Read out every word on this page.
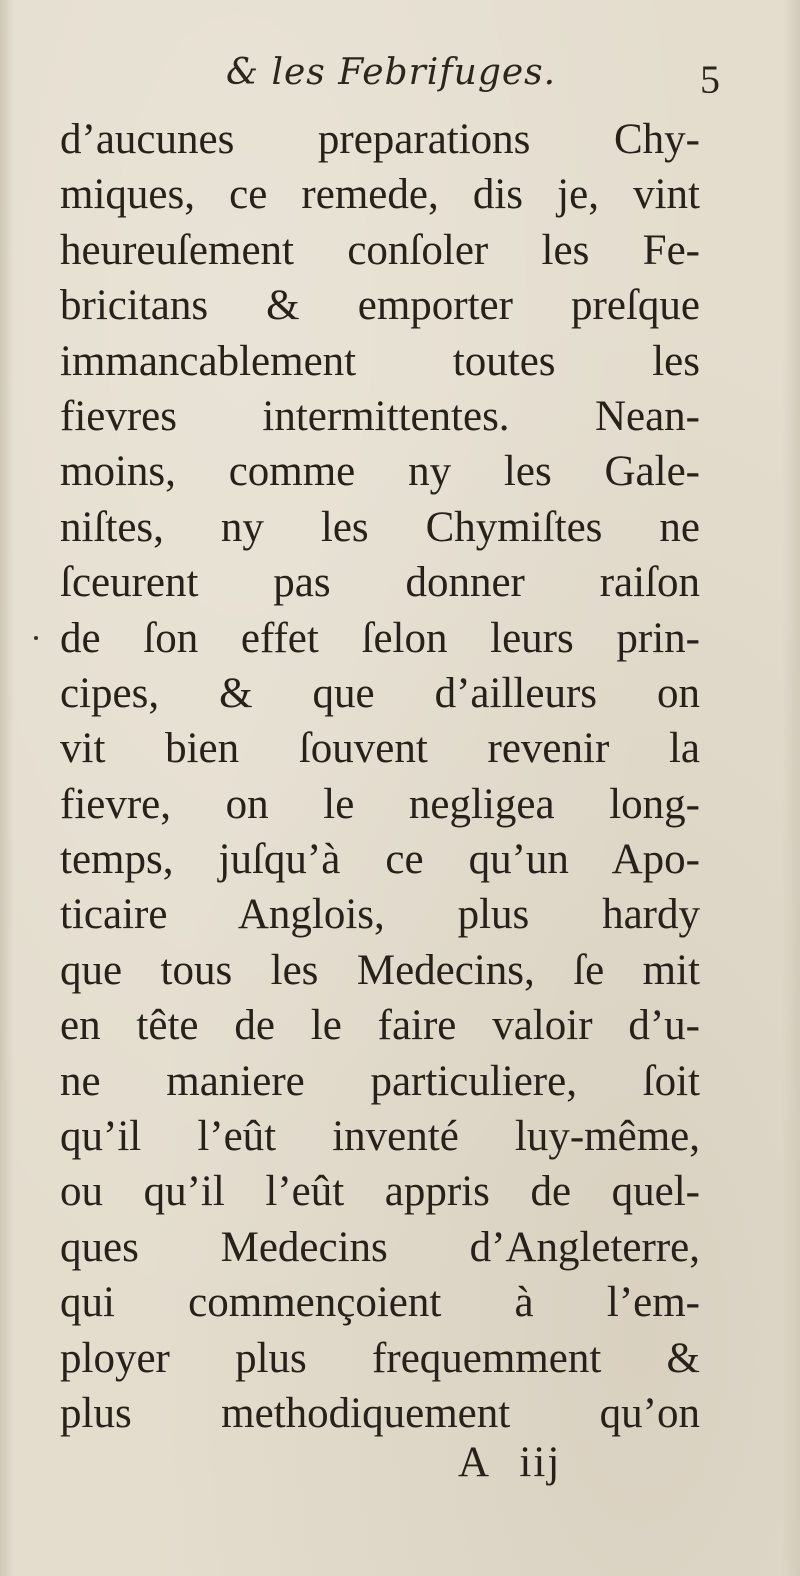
& les Febrifuges.	5
d’aucunes preparations Chy-
miques, ce remede, dis je, vint
heureuſement conſoler les Fe-
bricitans & emporter preſque
immancablement toutes les
fievres intermittentes. Nean-
moins, comme ny les Gale-
niſtes, ny les Chymiſtes ne
ſceurent pas donner raiſon
de ſon effet ſelon leurs prin-
cipes, & que d’ailleurs on
vit bien ſouvent revenir la
fievre, on le negligea long-
temps, juſqu’à ce qu’un Apo-
ticaire Anglois, plus hardy
que tous les Medecins, ſe mit
en tête de le faire valoir d’u-
ne maniere particuliere, ſoit
qu’il l’eût inventé luy-même,
ou qu’il l’eût appris de quel-
ques Medecins d’Angleterre,
qui commençoient à l’em-
ployer plus frequemment &
plus methodiquement qu’on
A iij
